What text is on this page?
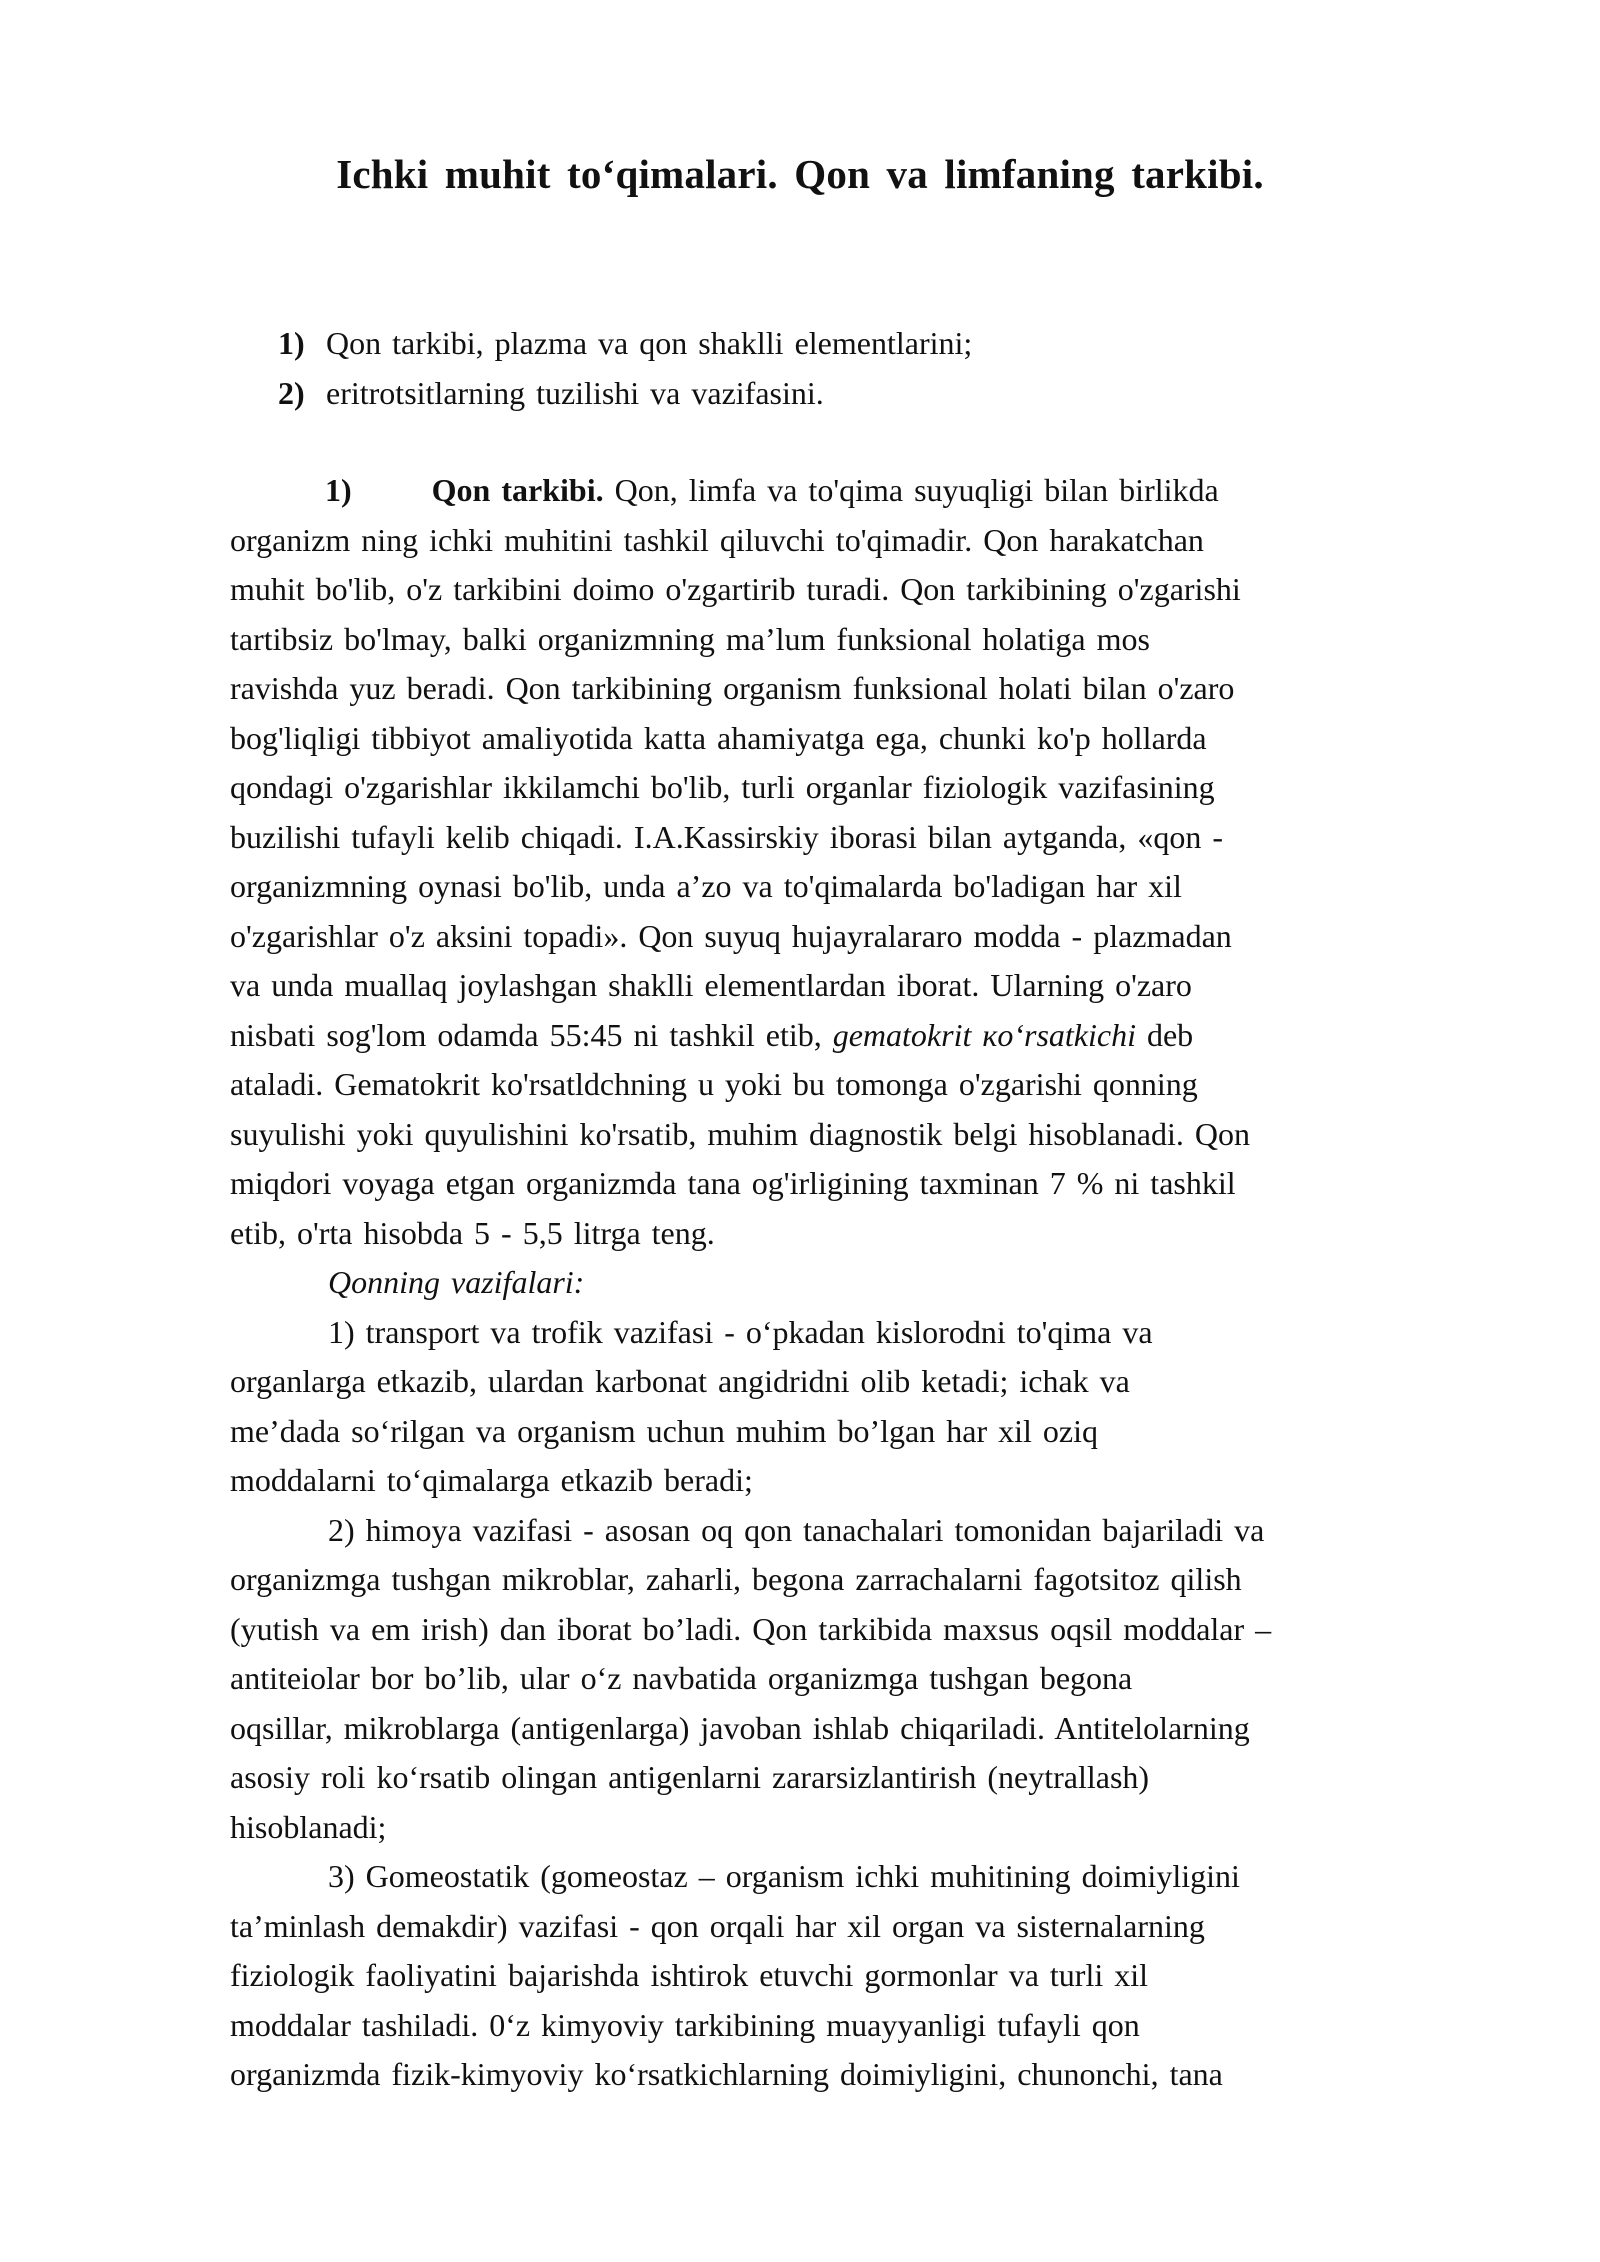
Ichki muhit to‘qimalari. Qon va limfaning tarkibi.
1) Qon tarkibi, plazma va qon shaklli elementlarini;
2) eritrotsitlarning tuzilishi va vazifasini.
1)	Qon tarkibi. Qon, limfa va to'qima suyuqligi bilan birlikda
organizm ning ichki muhitini tashkil qiluvchi to'qimadir. Qon harakatchan
muhit bo'lib, o'z tarkibini doimo o'zgartirib turadi. Qon tarkibining o'zgarishi
tartibsiz bo'lmay, balki organizmning ma’lum funksional holatiga mos
ravishda yuz beradi. Qon tarkibining organism funksional holati bilan o'zaro
bog'liqligi tibbiyot amaliyotida katta ahamiyatga ega, chunki ko'p hollarda
qondagi o'zgarishlar ikkilamchi bo'lib, turli organlar fiziologik vazifasining
buzilishi tufayli kelib chiqadi. I.A.Kassirskiy iborasi bilan aytganda, «qon -
organizmning oynasi bo'lib, unda a’zo va to'qimalarda bo'ladigan har xil
o'zgarishlar o'z aksini topadi». Qon suyuq hujayralararo modda - plazmadan
va unda muallaq joylashgan shaklli elementlardan iborat. Ularning o'zaro
nisbati sog'lom odamda 55:45 ni tashkil etib, gematokrit кo‘rsatkichi deb
ataladi. Gematokrit ko'rsatldchning u yoki bu tomonga o'zgarishi qonning
suyulishi yoki quyulishini ko'rsatib, muhim diagnostik belgi hisoblanadi. Qon
miqdori voyaga etgan organizmda tana og'irligining taxminan 7 % ni tashkil
etib, o'rta hisobda 5 - 5,5 litrga teng.
Qonning vazifalari:
1) transport va trofik vazifasi - o‘pkadan kislorodni to'qima va
organlarga etkazib, ulardan karbonat angidridni olib ketadi; ichak va
me’dada so‘rilgan va organism uchun muhim bo’lgan har xil oziq
moddalarni to‘qimalarga etkazib beradi;
2) himoya vazifasi - asosan oq qon tanachalari tomonidan bajariladi va
organizmga tushgan mikroblar, zaharli, begona zarrachalarni fagotsitoz qilish
(yutish va em irish) dan iborat bo’ladi. Qon tarkibida maxsus oqsil moddalar –
antiteiolar bor bo’lib, ular o‘z navbatida organizmga tushgan begona
oqsillar, mikroblarga (antigenlarga) javoban ishlab chiqariladi. Antitelolarning
asosiy roli ko‘rsatib olingan antigenlarni zararsizlantirish (neytrallash)
hisoblanadi;
3) Gomeostatik (gomeostaz – organism ichki muhitining doimiyligini
ta’minlash demakdir) vazifasi - qon orqali har xil organ va sisternalarning
fiziologik faoliyatini bajarishda ishtirok etuvchi gormonlar va turli xil
moddalar tashiladi. 0‘z kimyoviy tarkibining muayyanligi tufayli qon
organizmda fizik-kimyoviy ko‘rsatkichlarning doimiyligini, chunonchi, tana
